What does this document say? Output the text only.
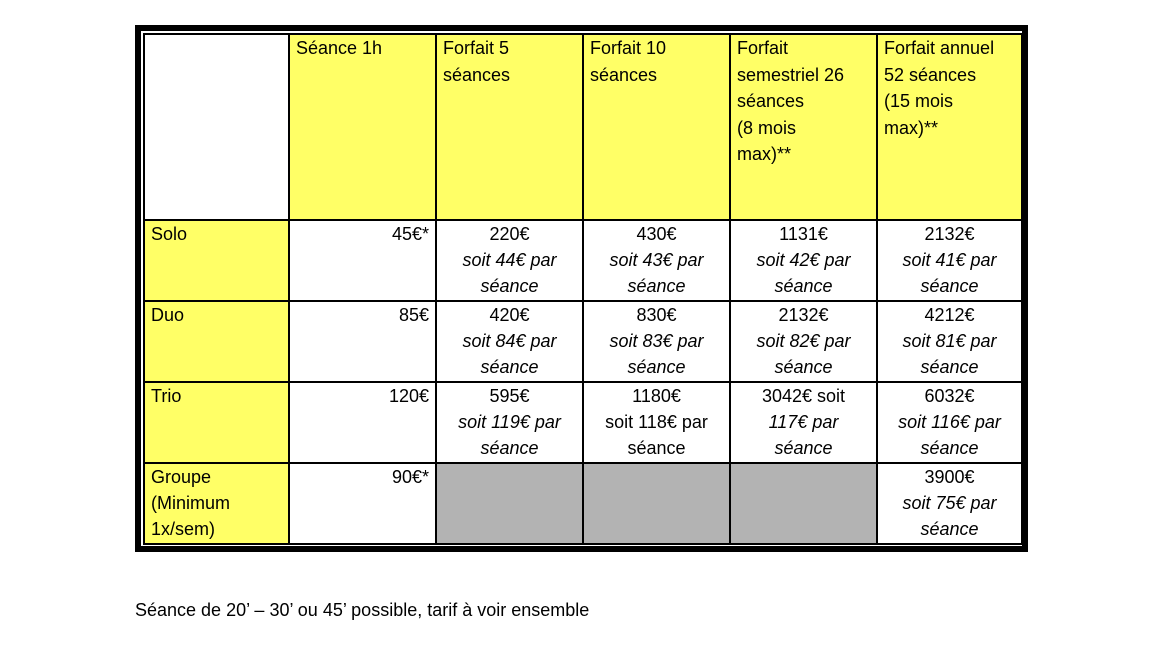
	Séance 1h	Forfait 5
séances	Forfait 10
séances	Forfait
semestriel 26
séances
(8 mois
max)**	Forfait annuel
52 séances
(15 mois
max)**

Solo	45€*	220€
soit 44€ par
séance	430€
soit 43€ par
séance	1131€
soit 42€ par
séance	2132€
soit 41€ par
séance

Duo	85€	420€
soit 84€ par
séance	830€
soit 83€ par
séance	2132€
soit 82€ par
séance	4212€
soit 81€ par
séance

Trio	120€	595€
soit 119€ par
séance	1180€
soit 118€ par
séance	3042€ soit
117€ par
séance	6032€
soit 116€ par
séance

Groupe
(Minimum
1x/sem)	90€*				3900€
soit 75€ par
séance
Séance de 20’ – 30’ ou 45’ possible, tarif à voir ensemble
